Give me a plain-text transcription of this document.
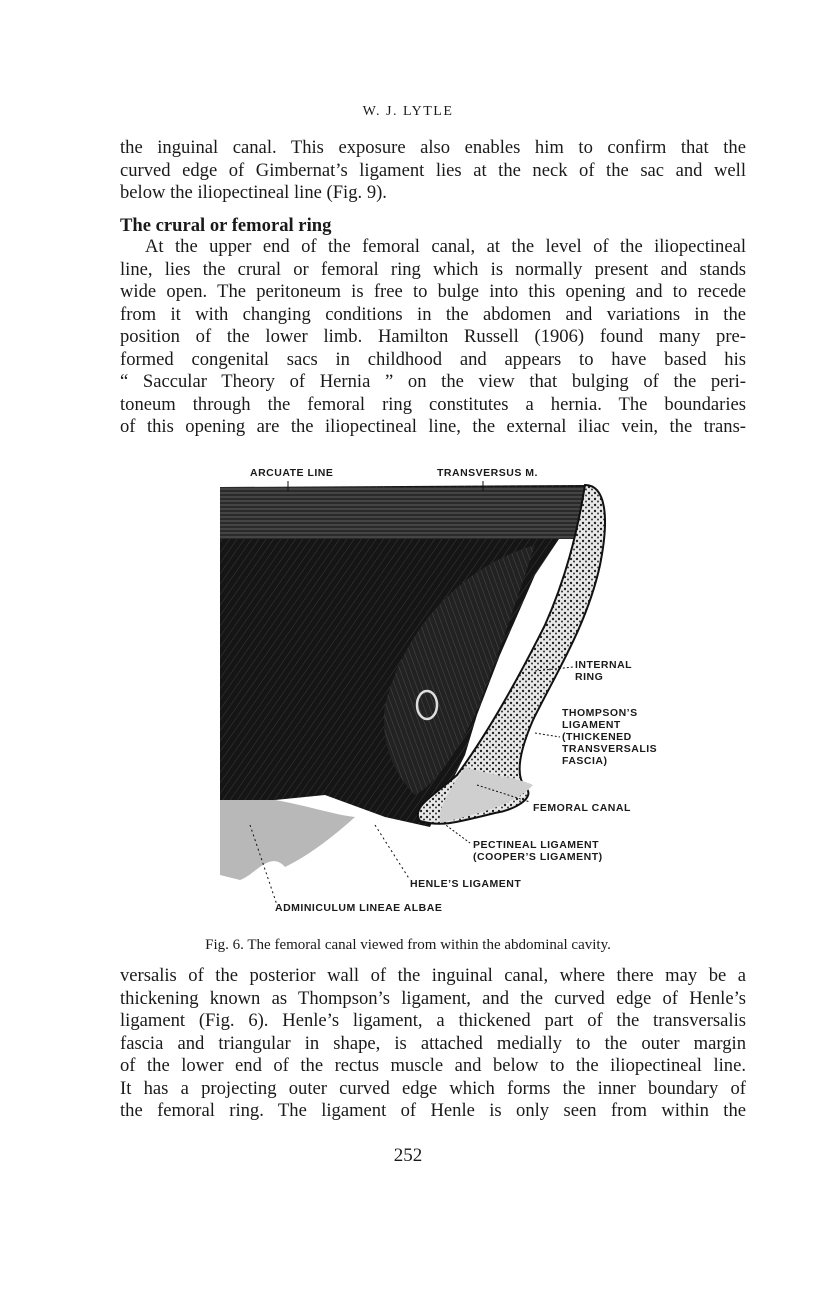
W. J. LYTLE

the inguinal canal. This exposure also enables him to confirm that the
curved edge of Gimbernat’s ligament lies at the neck of the sac and well
below the iliopectineal line (Fig. 9).

The crural or femoral ring

At the upper end of the femoral canal, at the level of the iliopectineal
line, lies the crural or femoral ring which is normally present and stands
wide open. The peritoneum is free to bulge into this opening and to recede
from it with changing conditions in the abdomen and variations in the
position of the lower limb. Hamilton Russell (1906) found many pre-
formed congenital sacs in childhood and appears to have based his
“ Saccular Theory of Hernia ” on the view that bulging of the peri-
toneum through the femoral ring constitutes a hernia. The boundaries
of this opening are the iliopectineal line, the external iliac vein, the trans-

ARCUATE LINE	TRANSVERSUS M.
INTERNAL
RING
THOMPSON’S
LIGAMENT
(THICKENED
TRANSVERSALIS
FASCIA)
FEMORAL CANAL
PECTINEAL LIGAMENT
(COOPER’S LIGAMENT)
HENLE’S LIGAMENT
ADMINICULUM LINEAE ALBAE
Fig. 6. The femoral canal viewed from within the abdominal cavity.

versalis of the posterior wall of the inguinal canal, where there may be a
thickening known as Thompson’s ligament, and the curved edge of Henle’s
ligament (Fig. 6). Henle’s ligament, a thickened part of the transversalis
fascia and triangular in shape, is attached medially to the outer margin
of the lower end of the rectus muscle and below to the iliopectineal line.
It has a projecting outer curved edge which forms the inner boundary of
the femoral ring. The ligament of Henle is only seen from within the

252
